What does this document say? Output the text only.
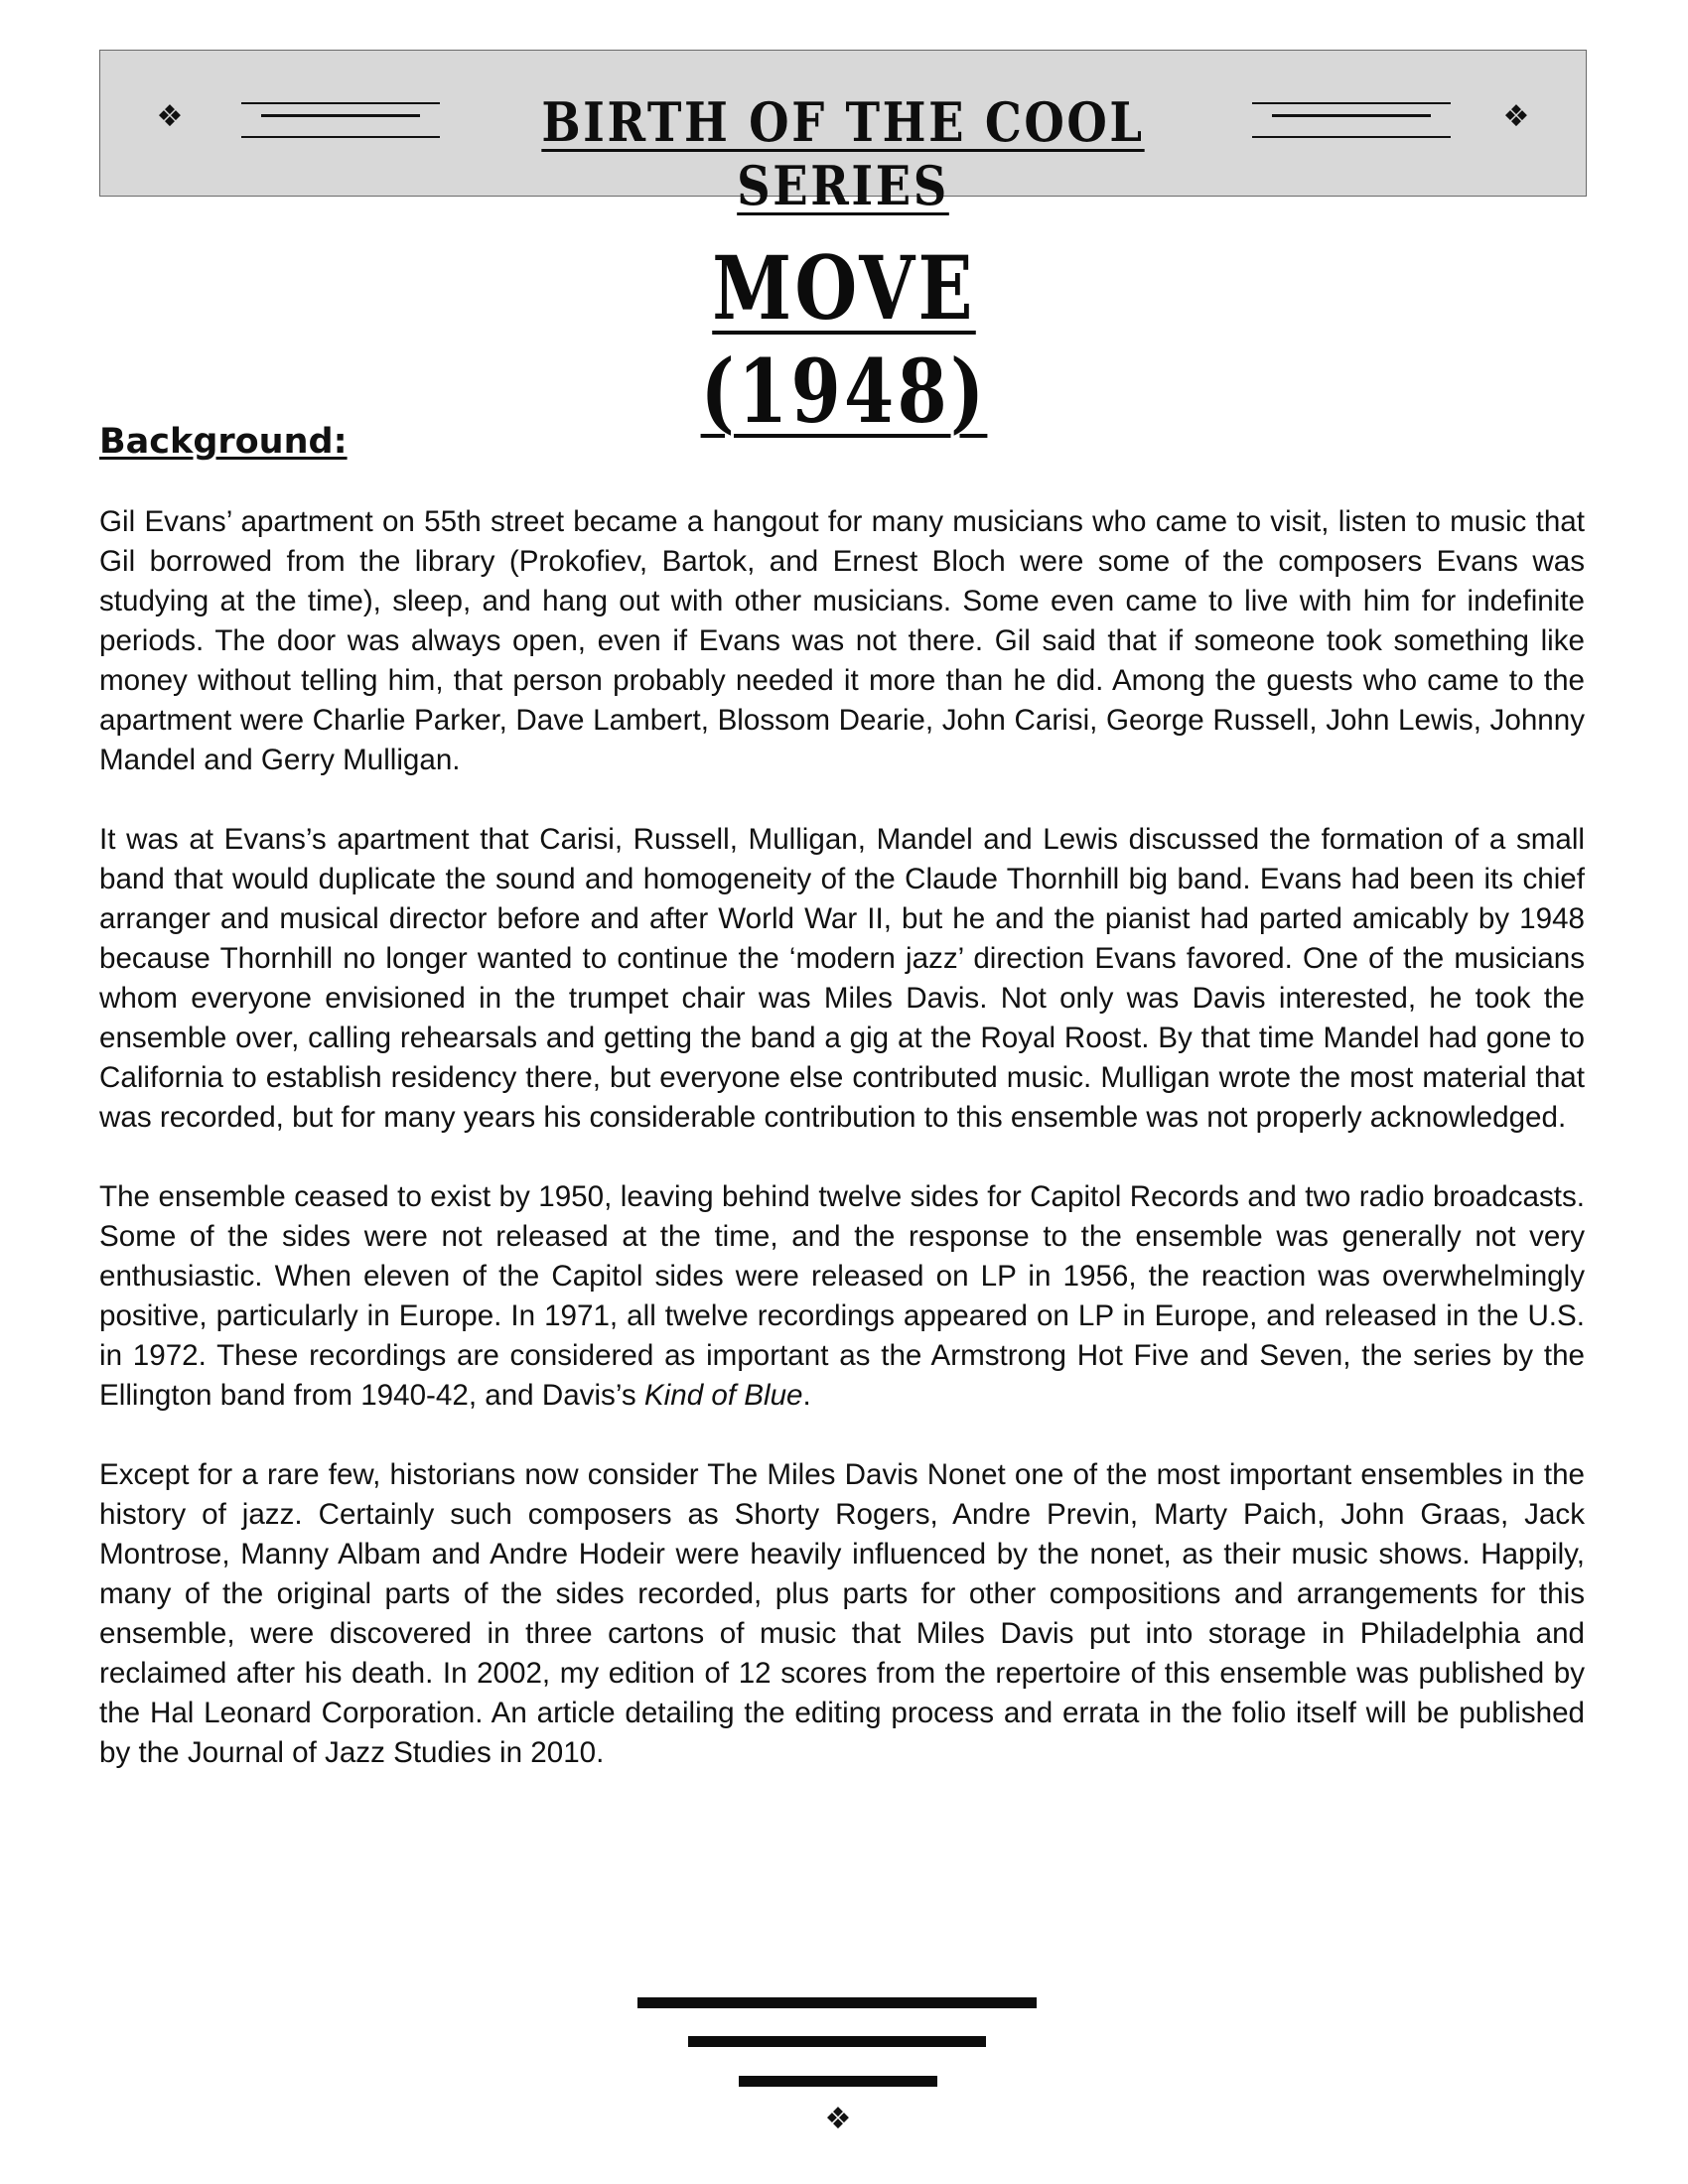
❖	BIRTH OF THE COOL SERIES
❖
MOVE (1948)
Background:

Gil Evans’ apartment on 55th street became a hangout for many musicians who came to visit, listen to music that Gil borrowed from the library (Prokofiev, Bartok, and Ernest Bloch were some of the composers Evans was studying at the time), sleep, and hang out with other musicians. Some even came to live with him for indefinite periods. The door was always open, even if Evans was not there. Gil said that if someone took something like money without telling him, that person probably needed it more than he did. Among the guests who came to the apartment were Charlie Parker, Dave Lambert, Blossom Dearie, John Carisi, George Russell, John Lewis, Johnny Mandel and Gerry Mulligan.

It was at Evans’s apartment that Carisi, Russell, Mulligan, Mandel and Lewis discussed the formation of a small band that would duplicate the sound and homogeneity of the Claude Thornhill big band. Evans had been its chief arranger and musical director before and after World War II, but he and the pianist had parted amicably by 1948 because Thornhill no longer wanted to continue the ‘modern jazz’ direction Evans favored. One of the musicians whom everyone envisioned in the trumpet chair was Miles Davis. Not only was Davis interested, he took the ensemble over, calling rehearsals and getting the band a gig at the Royal Roost. By that time Mandel had gone to California to establish residency there, but everyone else contributed music. Mulligan wrote the most material that was recorded, but for many years his considerable contribution to this ensemble was not properly acknowledged.

The ensemble ceased to exist by 1950, leaving behind twelve sides for Capitol Records and two radio broadcasts. Some of the sides were not released at the time, and the response to the ensemble was generally not very enthusiastic. When eleven of the Capitol sides were released on LP in 1956, the reaction was overwhelmingly positive, particularly in Europe. In 1971, all twelve recordings appeared on LP in Europe, and released in the U.S. in 1972. These recordings are considered as important as the Armstrong Hot Five and Seven, the series by the Ellington band from 1940-42, and Davis’s Kind of Blue.

Except for a rare few, historians now consider The Miles Davis Nonet one of the most important ensembles in the history of jazz. Certainly such composers as Shorty Rogers, Andre Previn, Marty Paich, John Graas, Jack Montrose, Manny Albam and Andre Hodeir were heavily influenced by the nonet, as their music shows. Happily, many of the original parts of the sides recorded, plus parts for other compositions and arrangements for this ensemble, were discovered in three cartons of music that Miles Davis put into storage in Philadelphia and reclaimed after his death. In 2002, my edition of 12 scores from the repertoire of this ensemble was published by the Hal Leonard Corporation. An article detailing the editing process and errata in the folio itself will be published by the Journal of Jazz Studies in 2010.

❖
